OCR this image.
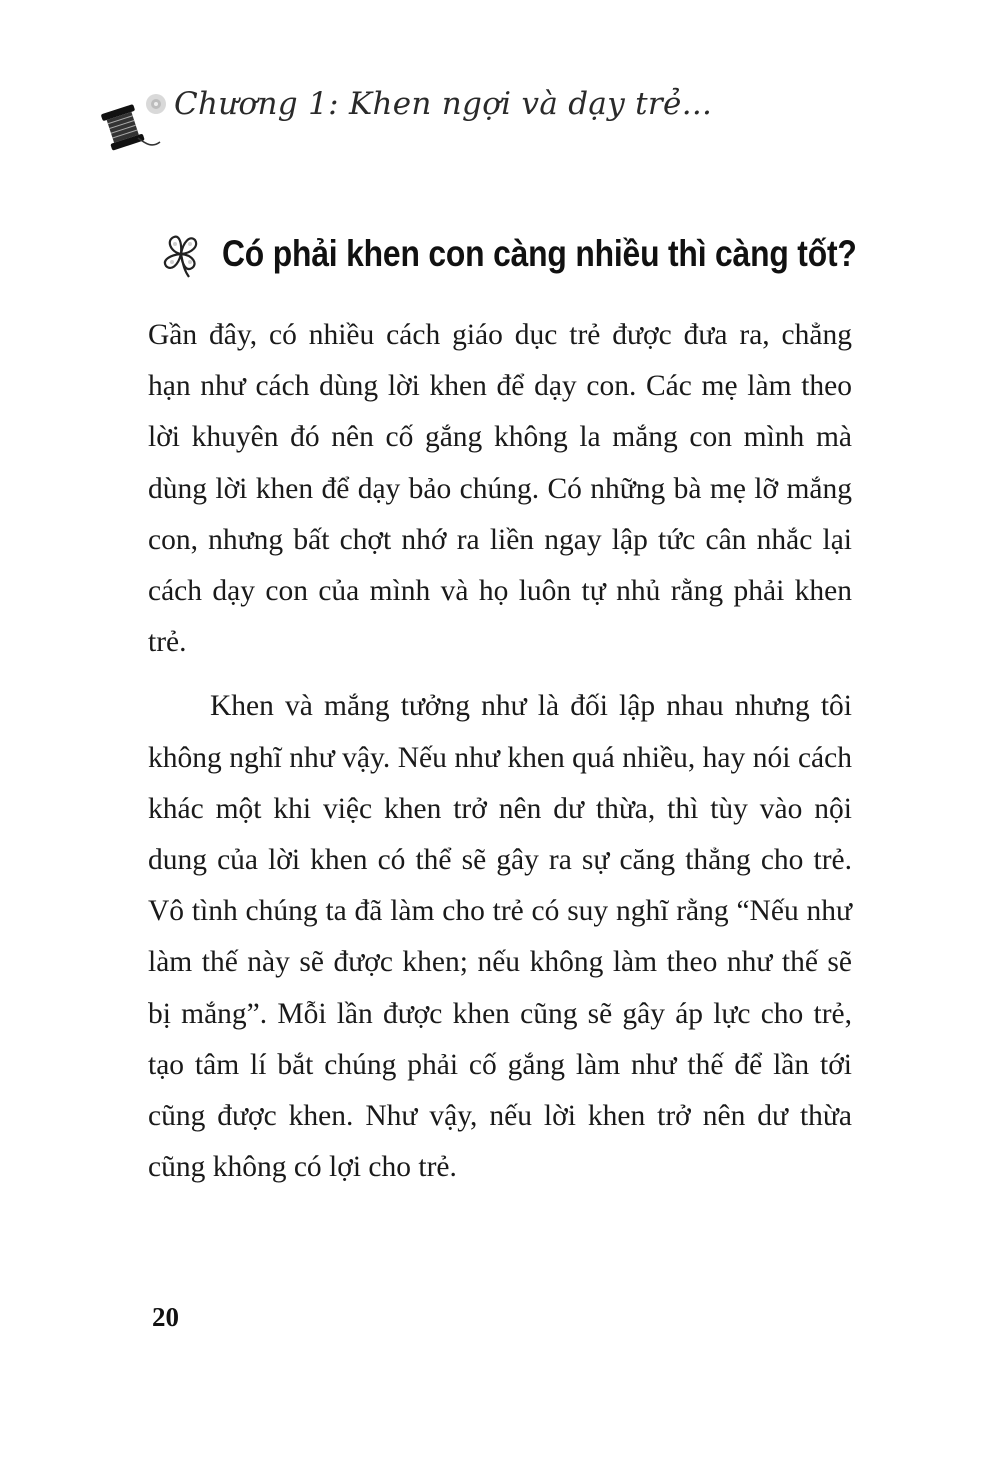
Chương 1: Khen ngợi và dạy trẻ...
Có phải khen con càng nhiều thì càng tốt?

Gần đây, có nhiều cách giáo dục trẻ được đưa ra, chẳng hạn như cách dùng lời khen để dạy con. Các mẹ làm theo lời khuyên đó nên cố gắng không la mắng con mình mà dùng lời khen để dạy bảo chúng. Có những bà mẹ lỡ mắng con, nhưng bất chợt nhớ ra liền ngay lập tức cân nhắc lại cách dạy con của mình và họ luôn tự nhủ rằng phải khen trẻ.

Khen và mắng tưởng như là đối lập nhau nhưng tôi không nghĩ như vậy. Nếu như khen quá nhiều, hay nói cách khác một khi việc khen trở nên dư thừa, thì tùy vào nội dung của lời khen có thể sẽ gây ra sự căng thẳng cho trẻ. Vô tình chúng ta đã làm cho trẻ có suy nghĩ rằng “Nếu như làm thế này sẽ được khen; nếu không làm theo như thế sẽ bị mắng”. Mỗi lần được khen cũng sẽ gây áp lực cho trẻ, tạo tâm lí bắt chúng phải cố gắng làm như thế để lần tới cũng được khen. Như vậy, nếu lời khen trở nên dư thừa cũng không có lợi cho trẻ.

20
